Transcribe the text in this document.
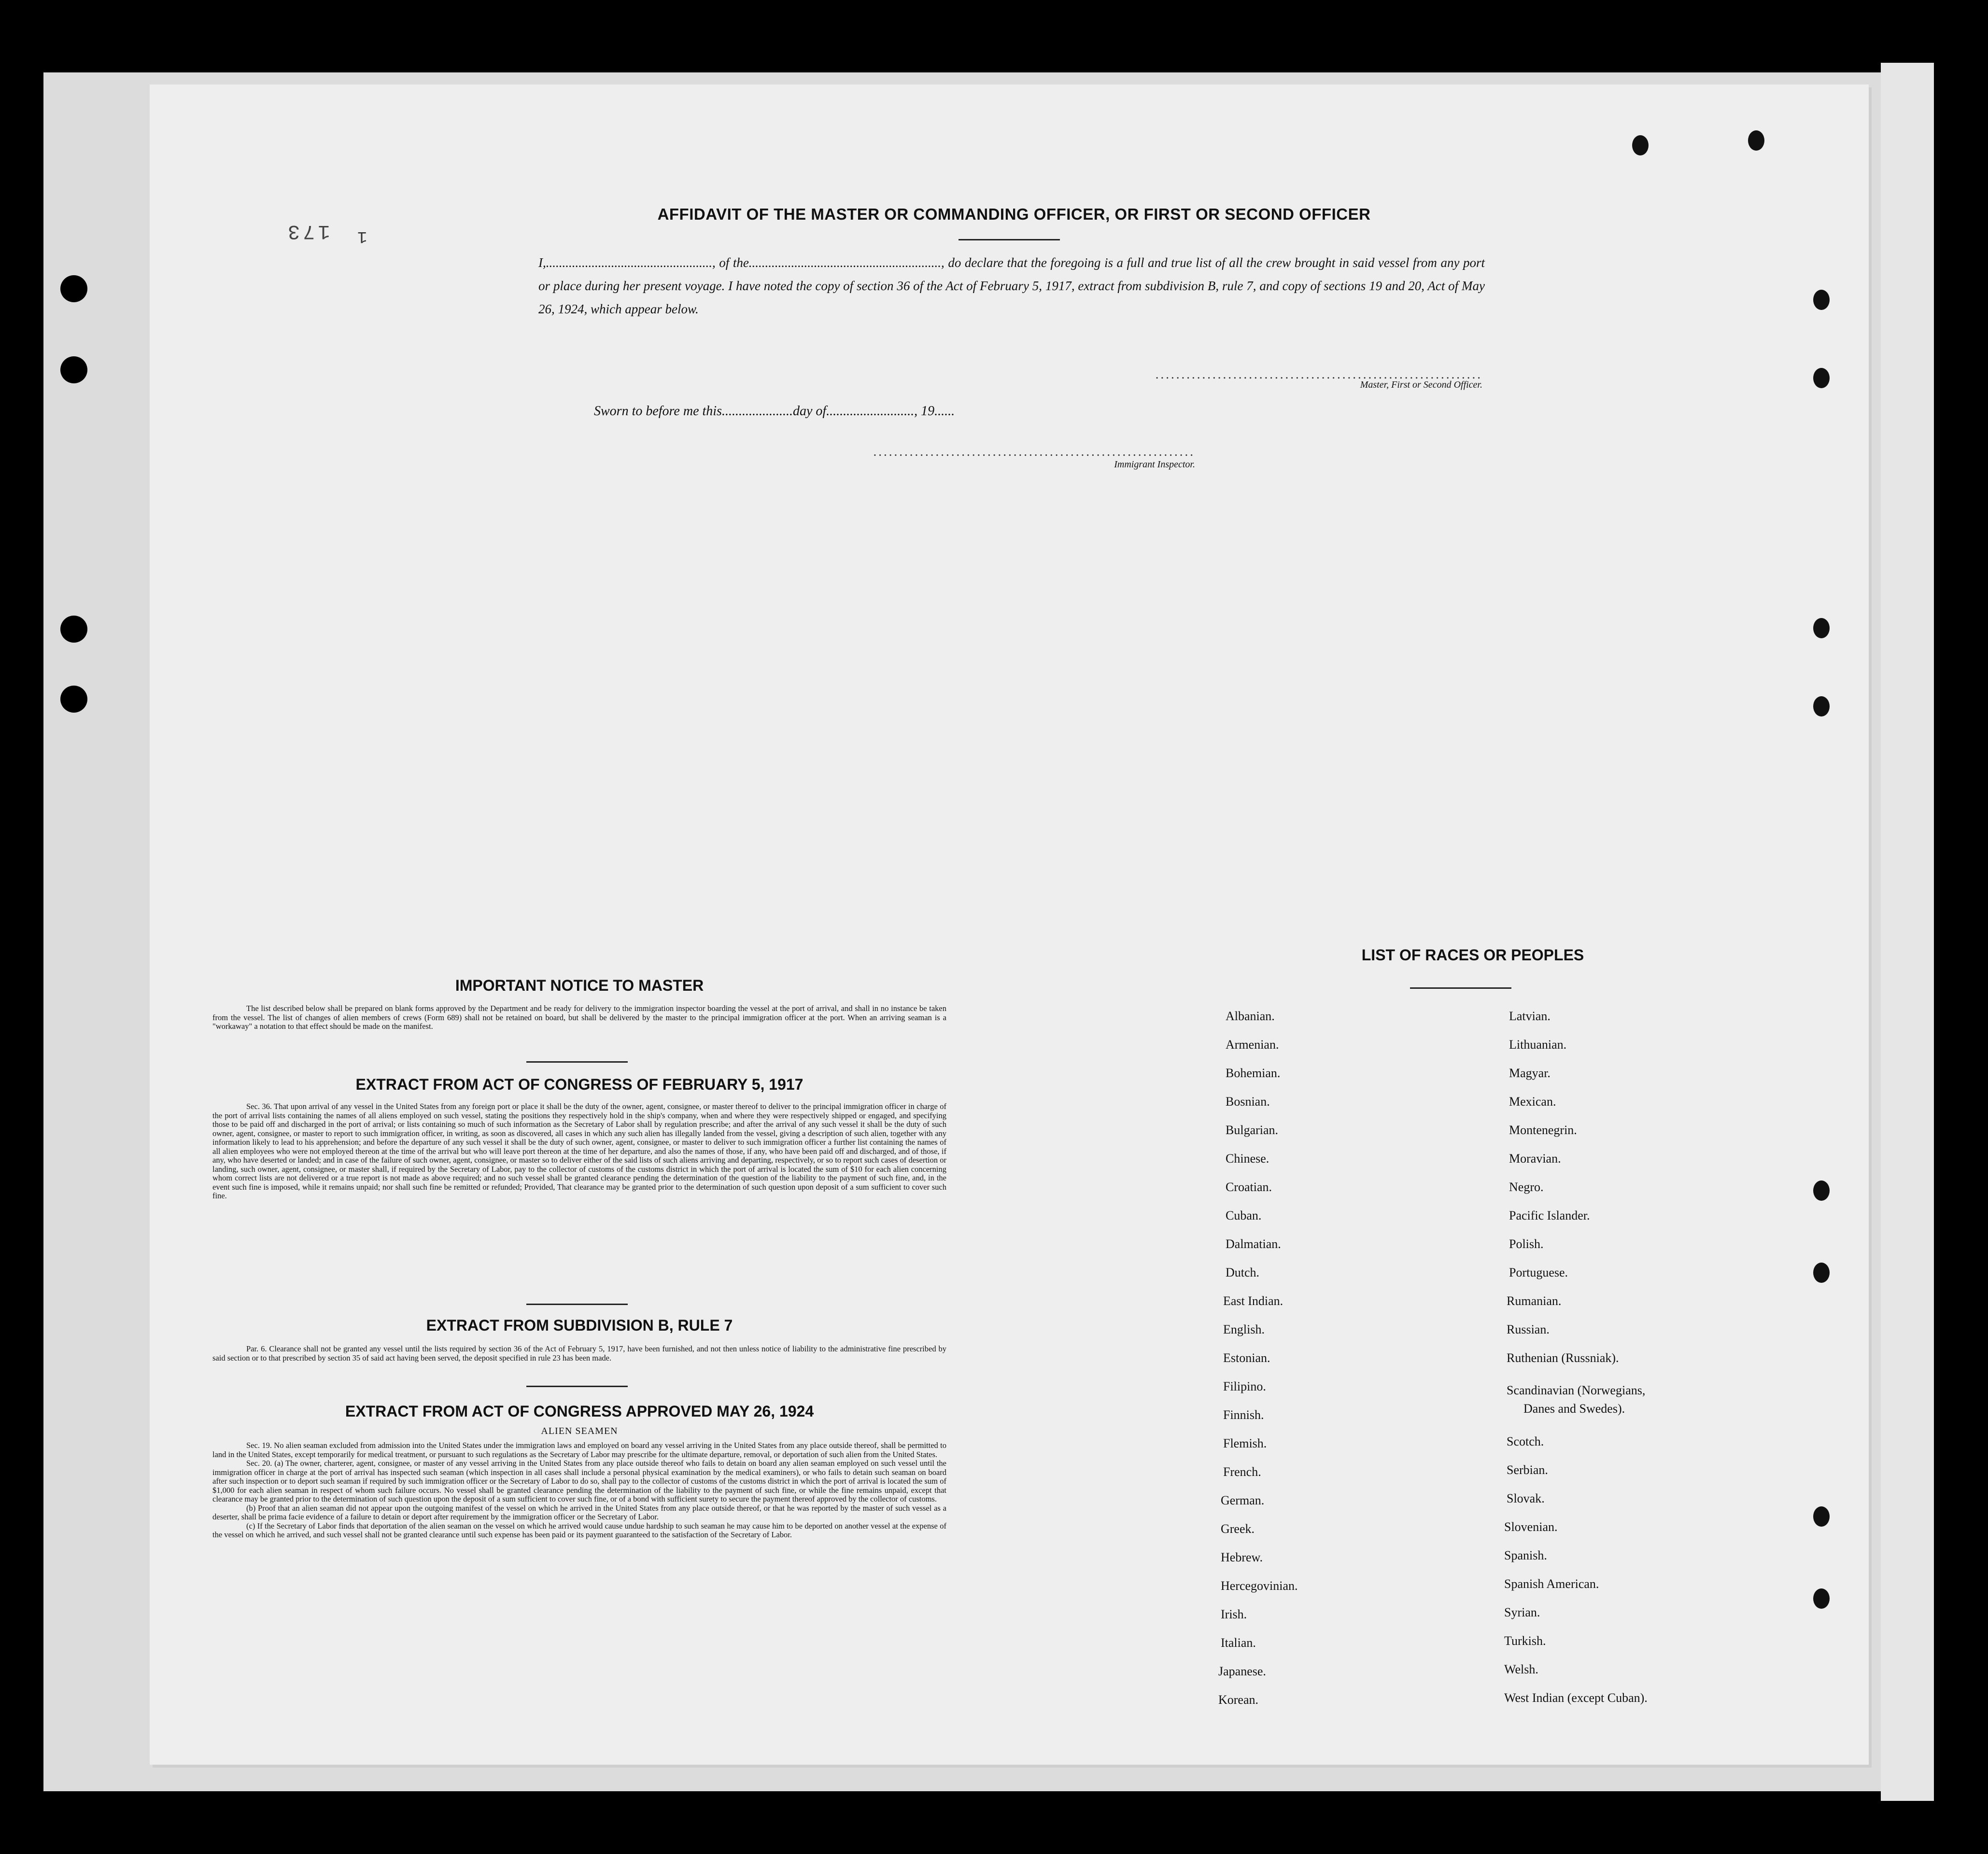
173 1
AFFIDAVIT OF THE MASTER OR COMMANDING OFFICER, OR FIRST OR SECOND OFFICER
I,..................................................., of the..........................................................., do declare that the foregoing is a full and true list of all the crew brought in said vessel from any port or place during her present voyage. I have noted the copy of section 36 of the Act of February 5, 1917, extract from subdivision B, rule 7, and copy of sections 19 and 20, Act of May 26, 1924, which appear below.
...............................................................
Master, First or Second Officer.
Sworn to before me this.....................day of.........................., 19......
..............................................................
Immigrant Inspector.
IMPORTANT NOTICE TO MASTER

The list described below shall be prepared on blank forms approved by the Department and be ready for delivery to the immigration inspector boarding the vessel at the port of arrival, and shall in no instance be taken from the vessel. The list of changes of alien members of crews (Form 689) shall not be retained on board, but shall be delivered by the master to the principal immigration officer at the port. When an arriving seaman is a "workaway" a notation to that effect should be made on the manifest.

EXTRACT FROM ACT OF CONGRESS OF FEBRUARY 5, 1917

Sec. 36. That upon arrival of any vessel in the United States from any foreign port or place it shall be the duty of the owner, agent, consignee, or master thereof to deliver to the principal immigration officer in charge of the port of arrival lists containing the names of all aliens employed on such vessel, stating the positions they respectively hold in the ship's company, when and where they were respectively shipped or engaged, and specifying those to be paid off and discharged in the port of arrival; or lists containing so much of such information as the Secretary of Labor shall by regulation prescribe; and after the arrival of any such vessel it shall be the duty of such owner, agent, consignee, or master to report to such immigration officer, in writing, as soon as discovered, all cases in which any such alien has illegally landed from the vessel, giving a description of such alien, together with any information likely to lead to his apprehension; and before the departure of any such vessel it shall be the duty of such owner, agent, consignee, or master to deliver to such immigration officer a further list containing the names of all alien employees who were not employed thereon at the time of the arrival but who will leave port thereon at the time of her departure, and also the names of those, if any, who have been paid off and discharged, and of those, if any, who have deserted or landed; and in case of the failure of such owner, agent, consignee, or master so to deliver either of the said lists of such aliens arriving and departing, respectively, or so to report such cases of desertion or landing, such owner, agent, consignee, or master shall, if required by the Secretary of Labor, pay to the collector of customs of the customs district in which the port of arrival is located the sum of $10 for each alien concerning whom correct lists are not delivered or a true report is not made as above required; and no such vessel shall be granted clearance pending the determination of the question of the liability to the payment of such fine, and, in the event such fine is imposed, while it remains unpaid; nor shall such fine be remitted or refunded; Provided, That clearance may be granted prior to the determination of such question upon deposit of a sum sufficient to cover such fine.

EXTRACT FROM SUBDIVISION B, RULE 7

Par. 6. Clearance shall not be granted any vessel until the lists required by section 36 of the Act of February 5, 1917, have been furnished, and not then unless notice of liability to the administrative fine prescribed by said section or to that prescribed by section 35 of said act having been served, the deposit specified in rule 23 has been made.

EXTRACT FROM ACT OF CONGRESS APPROVED MAY 26, 1924
ALIEN SEAMEN

Sec. 19. No alien seaman excluded from admission into the United States under the immigration laws and employed on board any vessel arriving in the United States from any place outside thereof, shall be permitted to land in the United States, except temporarily for medical treatment, or pursuant to such regulations as the Secretary of Labor may prescribe for the ultimate departure, removal, or deportation of such alien from the United States.

Sec. 20. (a) The owner, charterer, agent, consignee, or master of any vessel arriving in the United States from any place outside thereof who fails to detain on board any alien seaman employed on such vessel until the immigration officer in charge at the port of arrival has inspected such seaman (which inspection in all cases shall include a personal physical examination by the medical examiners), or who fails to detain such seaman on board after such inspection or to deport such seaman if required by such immigration officer or the Secretary of Labor to do so, shall pay to the collector of customs of the customs district in which the port of arrival is located the sum of $1,000 for each alien seaman in respect of whom such failure occurs. No vessel shall be granted clearance pending the determination of the liability to the payment of such fine, or while the fine remains unpaid, except that clearance may be granted prior to the determination of such question upon the deposit of a sum sufficient to cover such fine, or of a bond with sufficient surety to secure the payment thereof approved by the collector of customs.

(b) Proof that an alien seaman did not appear upon the outgoing manifest of the vessel on which he arrived in the United States from any place outside thereof, or that he was reported by the master of such vessel as a deserter, shall be prima facie evidence of a failure to detain or deport after requirement by the immigration officer or the Secretary of Labor.

(c) If the Secretary of Labor finds that deportation of the alien seaman on the vessel on which he arrived would cause undue hardship to such seaman he may cause him to be deported on another vessel at the expense of the vessel on which he arrived, and such vessel shall not be granted clearance until such expense has been paid or its payment guaranteed to the satisfaction of the Secretary of Labor.

LIST OF RACES OR PEOPLES
Albanian.
Armenian.
Bohemian.
Bosnian.
Bulgarian.
Chinese.
Croatian.
Cuban.
Dalmatian.
Dutch.
East Indian.
English.
Estonian.
Filipino.
Finnish.
Flemish.
French.
German.
Greek.
Hebrew.
Hercegovinian.
Irish.
Italian.
Japanese.
Korean.
Latvian.
Lithuanian.
Magyar.
Mexican.
Montenegrin.
Moravian.
Negro.
Pacific Islander.
Polish.
Portuguese.
Rumanian.
Russian.
Ruthenian (Russniak).
Scandinavian (Norwegians,
Danes and Swedes).
Scotch.
Serbian.
Slovak.
Slovenian.
Spanish.
Spanish American.
Syrian.
Turkish.
Welsh.
West Indian (except Cuban).
